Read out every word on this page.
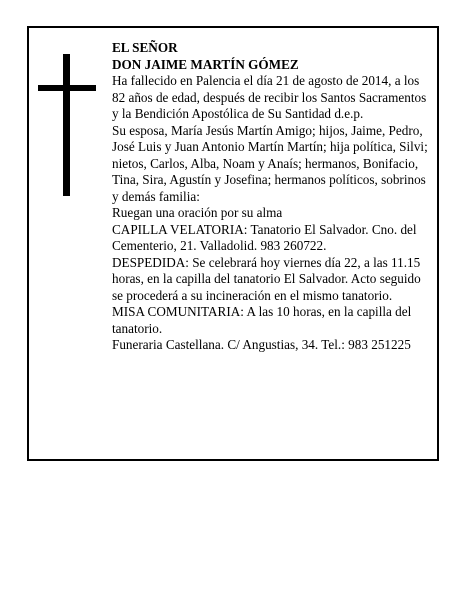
EL SEÑOR

DON JAIME MARTÍN GÓMEZ

Ha fallecido en Palencia el día 21 de agosto de 2014, a los 82 años de edad, después de recibir los Santos Sacramentos y la Bendición Apostólica de Su Santidad d.e.p.

Su esposa, María Jesús Martín Amigo; hijos, Jaime, Pedro, José Luis y Juan Antonio Martín Martín; hija política, Silvi; nietos, Carlos, Alba, Noam y Anaís; hermanos, Bonifacio, Tina, Sira, Agustín y Josefina; hermanos políticos, sobrinos y demás familia:

Ruegan una oración por su alma

CAPILLA VELATORIA: Tanatorio El Salvador. Cno. del Cementerio, 21. Valladolid. 983 260722.

DESPEDIDA: Se celebrará hoy viernes día 22, a las 11.15 horas, en la capilla del tanatorio El Salvador. Acto seguido se procederá a su incineración en el mismo tanatorio.

MISA COMUNITARIA: A las 10 horas, en la capilla del tanatorio.

Funeraria Castellana. C/ Angustias, 34. Tel.: 983 251225
